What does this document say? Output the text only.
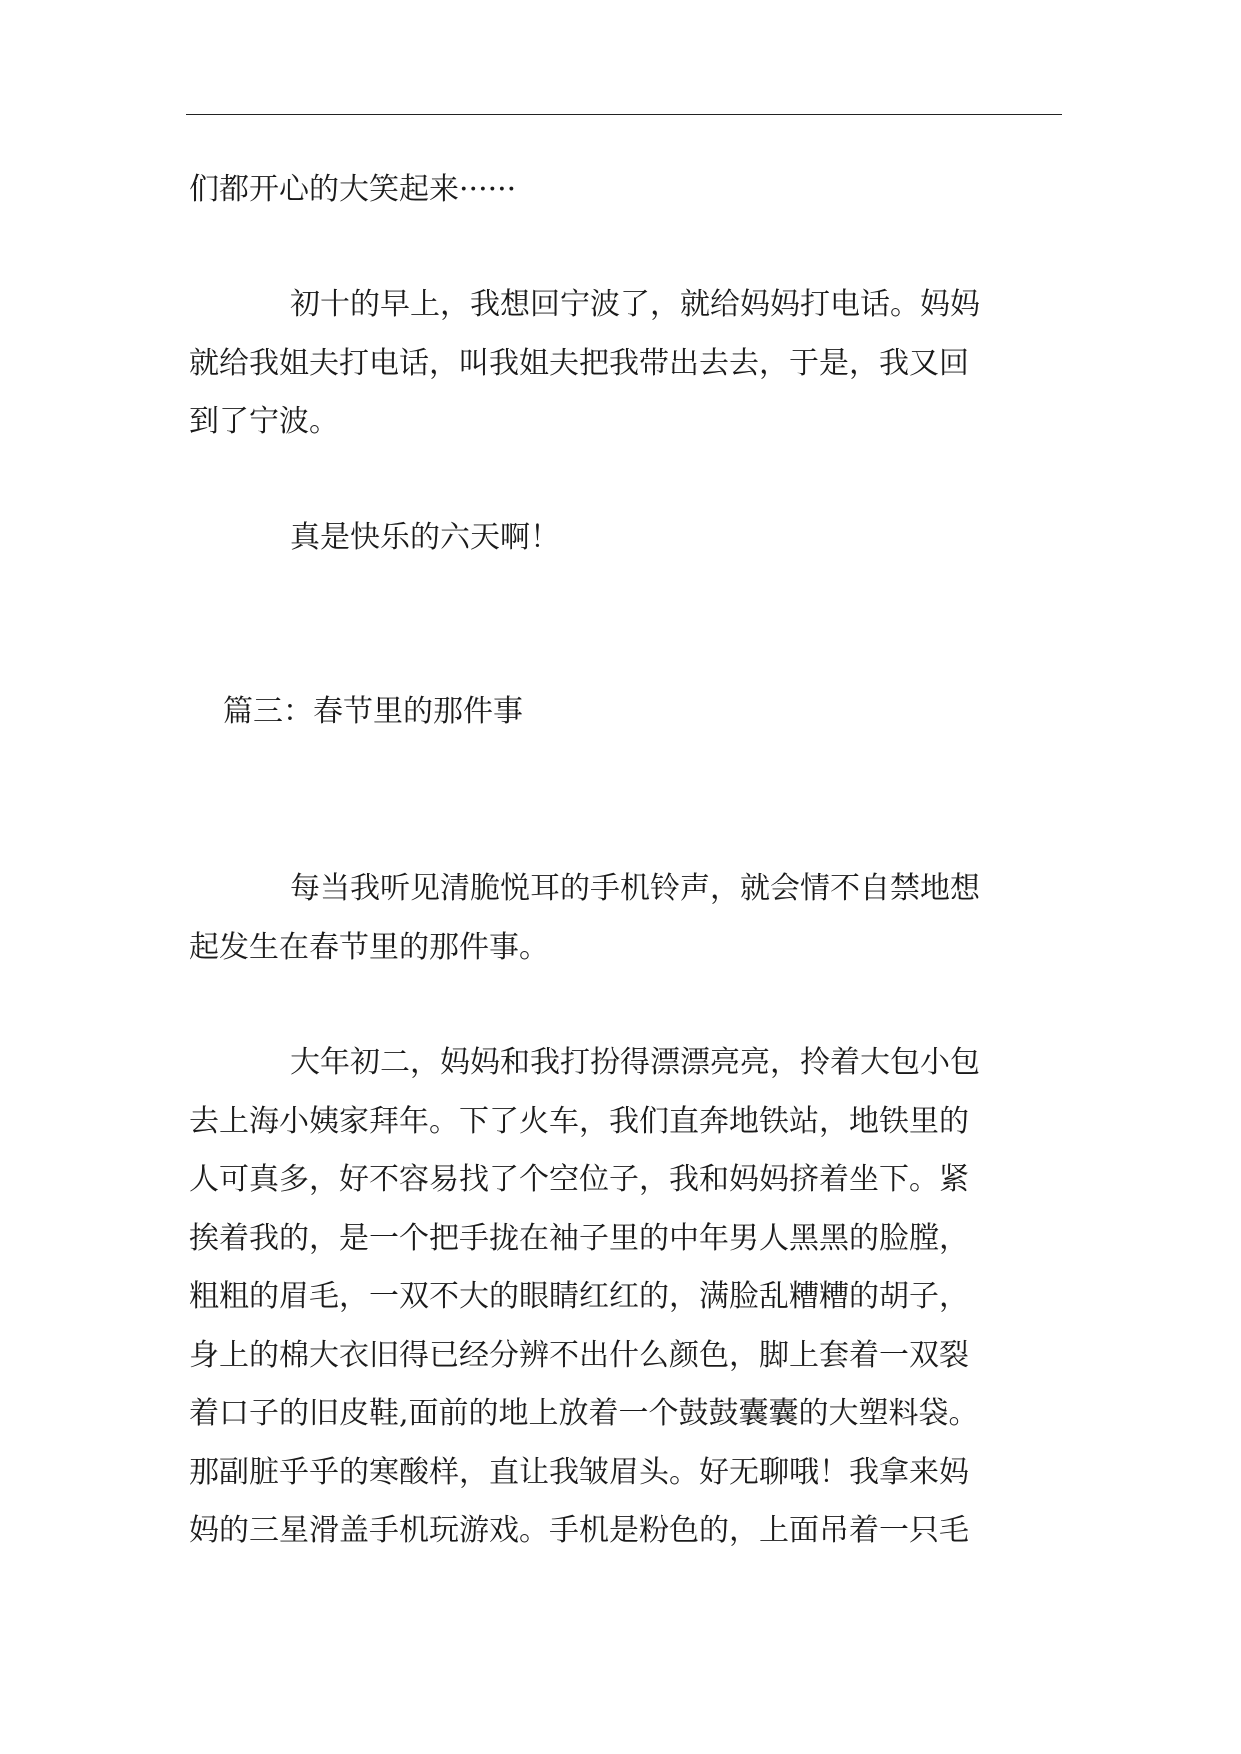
们都开心的大笑起来······
初十的早上，我想回宁波了，就给妈妈打电话。妈妈
就给我姐夫打电话，叫我姐夫把我带出去去，于是，我又回
到了宁波。
真是快乐的六天啊！
篇三：春节里的那件事
每当我听见清脆悦耳的手机铃声，就会情不自禁地想
起发生在春节里的那件事。
大年初二，妈妈和我打扮得漂漂亮亮，拎着大包小包
去上海小姨家拜年。下了火车，我们直奔地铁站，地铁里的
人可真多，好不容易找了个空位子，我和妈妈挤着坐下。紧
挨着我的，是一个把手拢在袖子里的中年男人黑黑的脸膛，
粗粗的眉毛，一双不大的眼睛红红的，满脸乱糟糟的胡子，
身上的棉大衣旧得已经分辨不出什么颜色，脚上套着一双裂
着口子的旧皮鞋,面前的地上放着一个鼓鼓囊囊的大塑料袋。
那副脏乎乎的寒酸样，直让我皱眉头。好无聊哦！我拿来妈
妈的三星滑盖手机玩游戏。手机是粉色的，上面吊着一只毛
